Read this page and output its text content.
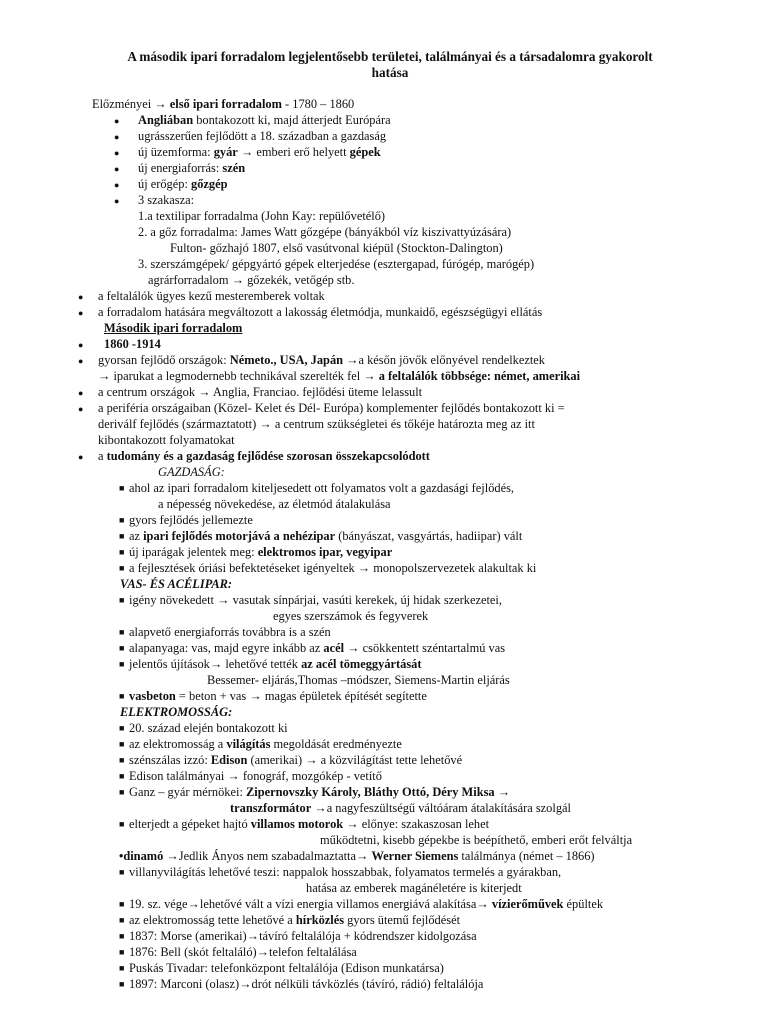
A második ipari forradalom legjelentősebb területei, találmányai és a társadalomra gyakorolt
hatása
Előzményei → első ipari forradalom - 1780 – 1860
● Angliában bontakozott ki, majd átterjedt Európára
● ugrásszerűen fejlődött a 18. században a gazdaság
● új üzemforma: gyár → emberi erő helyett gépek
● új energiaforrás: szén
● új erőgép: gőzgép
● 3 szakasza:
1.a textilipar forradalma (John Kay: repülővetélő)
2. a gőz forradalma: James Watt gőzgépe (bányákból víz kiszivattyúzására)
Fulton- gőzhajó 1807, első vasútvonal kiépül (Stockton-Dalington)
3. szerszámgépek/ gépgyártó gépek elterjedése (esztergapad, fúrógép, marógép)
agrárforradalom → gőzekék, vetőgép stb.
● a feltalálók ügyes kezű mesteremberek voltak
● a forradalom hatására megváltozott a lakosság életmódja, munkaidő, egészségügyi ellátás
Második ipari forradalom
● 1860 -1914
● gyorsan fejlődő országok: Németo., USA, Japán →a későn jövők előnyével rendelkeztek
→ iparukat a legmodernebb technikával szerelték fel → a feltalálók többsége: német, amerikai
● a centrum országok → Anglia, Franciao. fejlődési üteme lelassult
● a periféria országaiban (Közel- Kelet és Dél- Európa) komplementer fejlődés bontakozott ki =
deriválf fejlődés (származtatott) → a centrum szükségletei és tőkéje határozta meg az itt
kibontakozott folyamatokat
● a tudomány és a gazdaság fejlődése szorosan összekapcsolódott
GAZDASÁG:
■ ahol az ipari forradalom kiteljesedett ott folyamatos volt a gazdasági fejlődés,
a népesség növekedése, az életmód átalakulása
■ gyors fejlődés jellemezte
■ az ipari fejlődés motorjává a nehézipar (bányászat, vasgyártás, hadiipar) vált
■ új iparágak jelentek meg: elektromos ipar, vegyipar
■ a fejlesztések óriási befektetéseket igényeltek → monopolszervezetek alakultak ki
VAS- ÉS ACÉLIPAR:
■ igény növekedett → vasutak sínpárjai, vasúti kerekek, új hidak szerkezetei,
egyes szerszámok és fegyverek
■ alapvető energiaforrás továbbra is a szén
■ alapanyaga: vas, majd egyre inkább az acél → csökkentett széntartalmú vas
■ jelentős újítások→ lehetővé tették az acél tömeggyártását
Bessemer- eljárás,Thomas –módszer, Siemens-Martin eljárás
■ vasbeton = beton + vas → magas épületek építését segítette
ELEKTROMOSSÁG:
■ 20. század elején bontakozott ki
■ az elektromosság a világítás megoldását eredményezte
■ szénszálas izzó: Edison (amerikai) → a közvilágítást tette lehetővé
■ Edison találmányai → fonográf, mozgókép - vetítő
■ Ganz – gyár mérnökei: Zipernovszky Károly, Bláthy Ottó, Déry Miksa →
transzformátor →a nagyfeszültségű váltóáram átalakítására szolgál
■ elterjedt a gépeket hajtó villamos motorok → előnye: szakaszosan lehet
működtetni, kisebb gépekbe is beépíthető, emberi erőt felváltja
•dinamó →Jedlik Ányos nem szabadalmaztatta→ Werner Siemens találmánya (német – 1866)
■ villanyvilágítás lehetővé teszi: nappalok hosszabbak, folyamatos termelés a gyárakban,
hatása az emberek magánéletére is kiterjedt
■ 19. sz. vége→lehetővé vált a vízi energia villamos energiává alakítása→ vízierőművek épültek
■ az elektromosság tette lehetővé a hírközlés gyors ütemű fejlődését
■ 1837: Morse (amerikai)→távíró feltalálója + kódrendszer kidolgozása
■ 1876: Bell (skót feltaláló)→telefon feltalálása
■ Puskás Tivadar: telefonközpont feltalálója (Edison munkatársa)
■ 1897: Marconi (olasz)→drót nélküli távközlés (távíró, rádió) feltalálója
